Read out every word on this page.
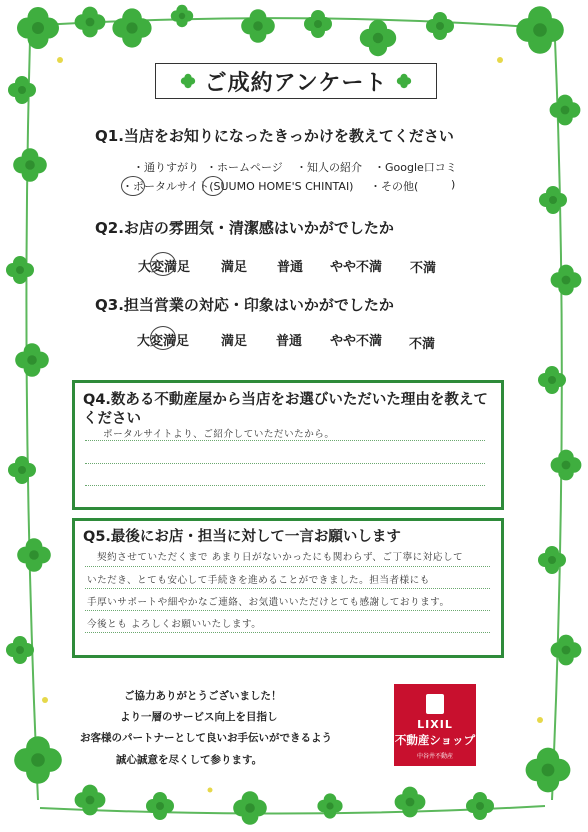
ご成約アンケート
Q1.当店をお知りになったきっかけを教えてください
・通りすがり ・ホームページ ・知人の紹介 ・Google口コミ
・ポータルサイト(SUUMO HOME'S CHINTAI) ・その他(	)
Q2.お店の雰囲気・清潔感はいかがでしたか
大変満足 満足 普通 やや不満 不満
Q3.担当営業の対応・印象はいかがでしたか
大変満足 満足 普通 やや不満 不満
Q4.数ある不動産屋から当店をお選びいただいた理由を教えて
ください
ポータルサイトより、ご紹介していただいたから。
Q5.最後にお店・担当に対して一言お願いします
契約させていただくまで あまり日がないかったにも関わらず、ご丁寧に対応して
いただき、とても安心して手続きを進めることができました。担当者様にも
手厚いサポートや細やかなご連絡、お気遣いいただけとても感謝しております。
今後とも よろしくお願いいたします。
ご協力ありがとうございました！
より一層のサービス向上を目指し
お客様のパートナーとして良いお手伝いができるよう
誠心誠意を尽くして参ります。
LIXIL
不動産ショップ
中谷井不動産
